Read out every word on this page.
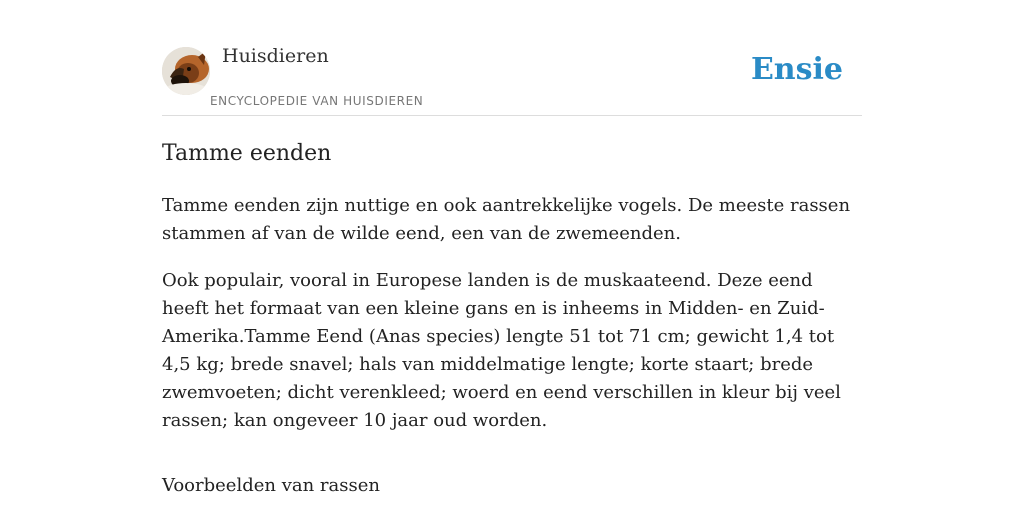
Huisdieren
ENCYCLOPEDIE VAN HUISDIEREN
Ensie
Tamme eenden

Tamme eenden zijn nuttige en ook aantrekkelijke vogels. De meeste rassen stammen af van de wilde eend, een van de zwemeenden.

Ook populair, vooral in Europese landen is de muskaateend. Deze eend heeft het formaat van een kleine gans en is inheems in Midden- en Zuid-Amerika.Tamme Eend (Anas species) lengte 51 tot 71 cm; gewicht 1,4 tot 4,5 kg; brede snavel; hals van middelmatige lengte; korte staart; brede zwemvoeten; dicht verenkleed; woerd en eend verschillen in kleur bij veel rassen; kan ongeveer 10 jaar oud worden.

Voorbeelden van rassen
